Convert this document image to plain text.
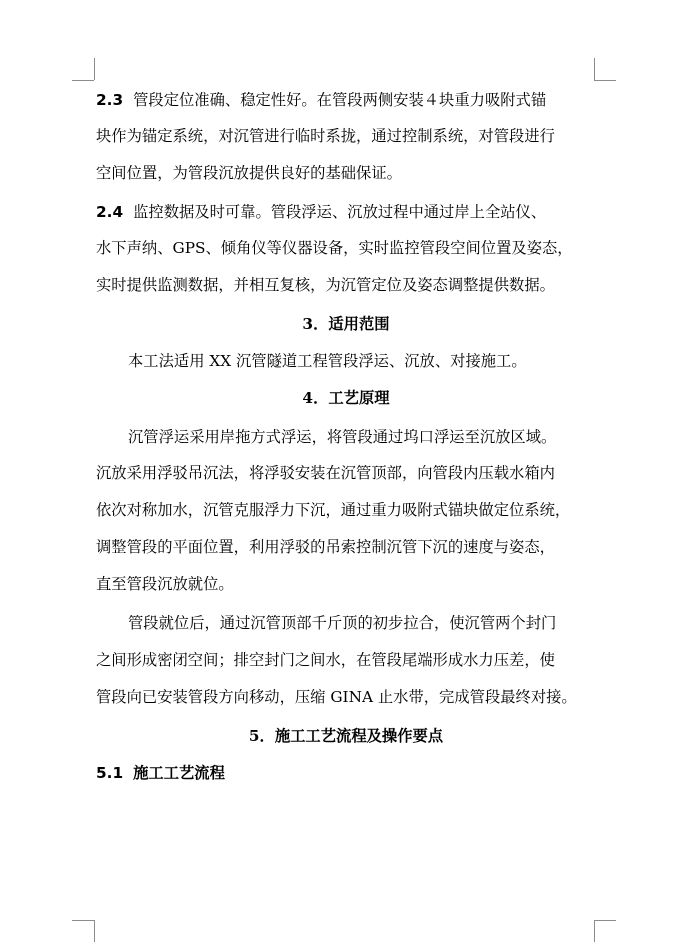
2.3 管段定位准确、稳定性好。在管段两侧安装４块重力吸附式锚
块作为锚定系统，对沉管进行临时系拢，通过控制系统，对管段进行
空间位置，为管段沉放提供良好的基础保证。
2.4 监控数据及时可靠。管段浮运、沉放过程中通过岸上全站仪、
水下声纳、GPS、倾角仪等仪器设备，实时监控管段空间位置及姿态，
实时提供监测数据，并相互复核，为沉管定位及姿态调整提供数据。
3．适用范围
本工法适用 XX 沉管隧道工程管段浮运、沉放、对接施工。
4．工艺原理
沉管浮运采用岸拖方式浮运，将管段通过坞口浮运至沉放区域。
沉放采用浮驳吊沉法，将浮驳安装在沉管顶部，向管段内压载水箱内
依次对称加水，沉管克服浮力下沉，通过重力吸附式锚块做定位系统，
调整管段的平面位置，利用浮驳的吊索控制沉管下沉的速度与姿态，
直至管段沉放就位。
管段就位后，通过沉管顶部千斤顶的初步拉合，使沉管两个封门
之间形成密闭空间；排空封门之间水，在管段尾端形成水力压差，使
管段向已安装管段方向移动，压缩 GINA 止水带，完成管段最终对接。
5．施工工艺流程及操作要点
5.1 施工工艺流程
